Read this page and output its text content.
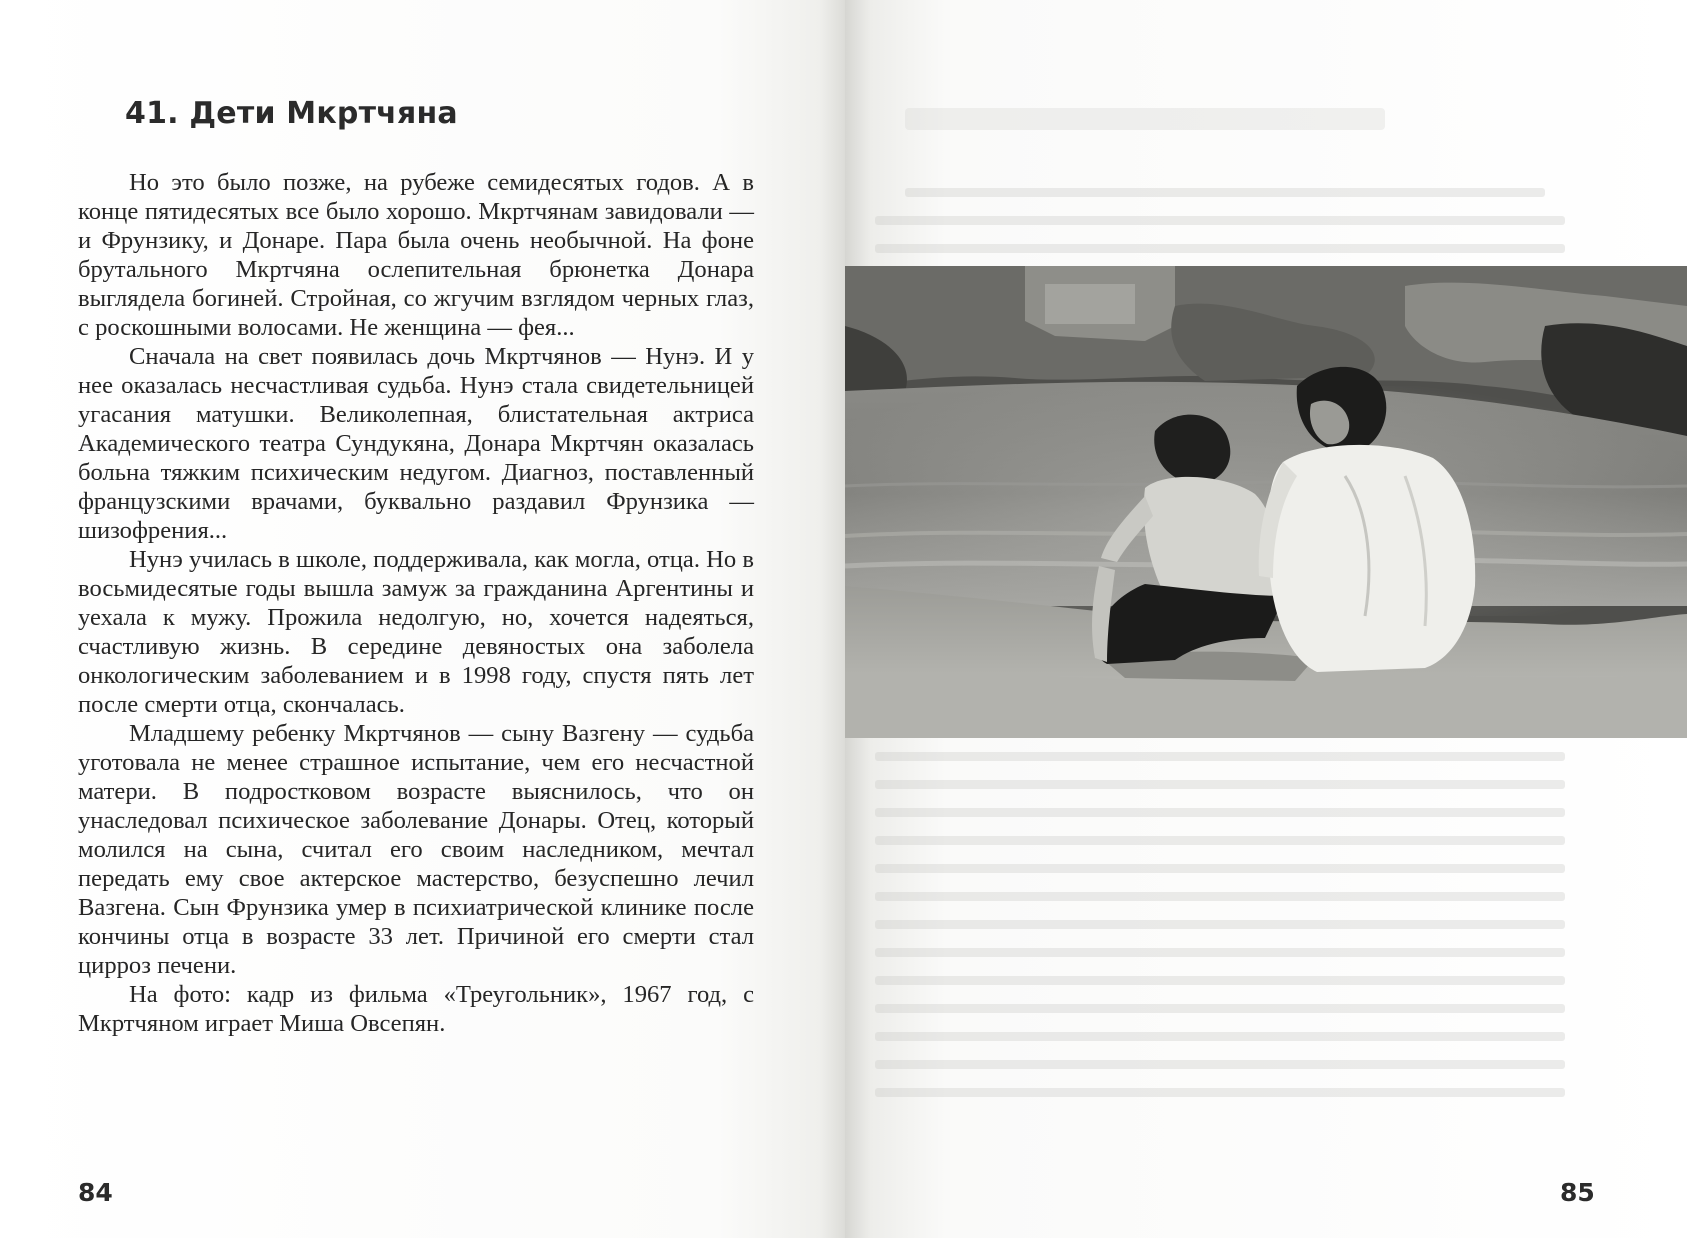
41. Дети Мкртчяна

Но это было позже, на рубеже семидесятых годов. А в конце пятидесятых все было хорошо. Мкртчянам завидовали — и Фрунзику, и Донаре. Пара была очень необычной. На фоне брутального Мкртчяна ослепительная брюнетка Донара выглядела богиней. Стройная, со жгучим взглядом черных глаз, с роскошными волосами. Не женщина — фея...

Сначала на свет появилась дочь Мкртчянов — Нунэ. И у нее оказалась несчастливая судьба. Нунэ стала свидетельницей угасания матушки. Великолепная, блистательная актриса Академического театра Сундукяна, Донара Мкртчян оказалась больна тяжким психическим недугом. Диагноз, поставленный французскими врачами, буквально раздавил Фрунзика — шизофрения...

Нунэ училась в школе, поддерживала, как могла, отца. Но в восьмидесятые годы вышла замуж за гражданина Аргентины и уехала к мужу. Прожила недолгую, но, хочется надеяться, счастливую жизнь. В середине девяностых она заболела онкологическим заболеванием и в 1998 году, спустя пять лет после смерти отца, скончалась.

Младшему ребенку Мкртчянов — сыну Вазгену — судьба уготовала не менее страшное испытание, чем его несчастной матери. В подростковом возрасте выяснилось, что он унаследовал психическое заболевание Донары. Отец, который молился на сына, считал его своим наследником, мечтал передать ему свое актерское мастерство, безуспешно лечил Вазгена. Сын Фрунзика умер в психиатрической клинике после кончины отца в возрасте 33 лет. Причиной его смерти стал цирроз печени.

На фото: кадр из фильма «Треугольник», 1967 год, с Мкртчяном играет Миша Овсепян.

84	85
